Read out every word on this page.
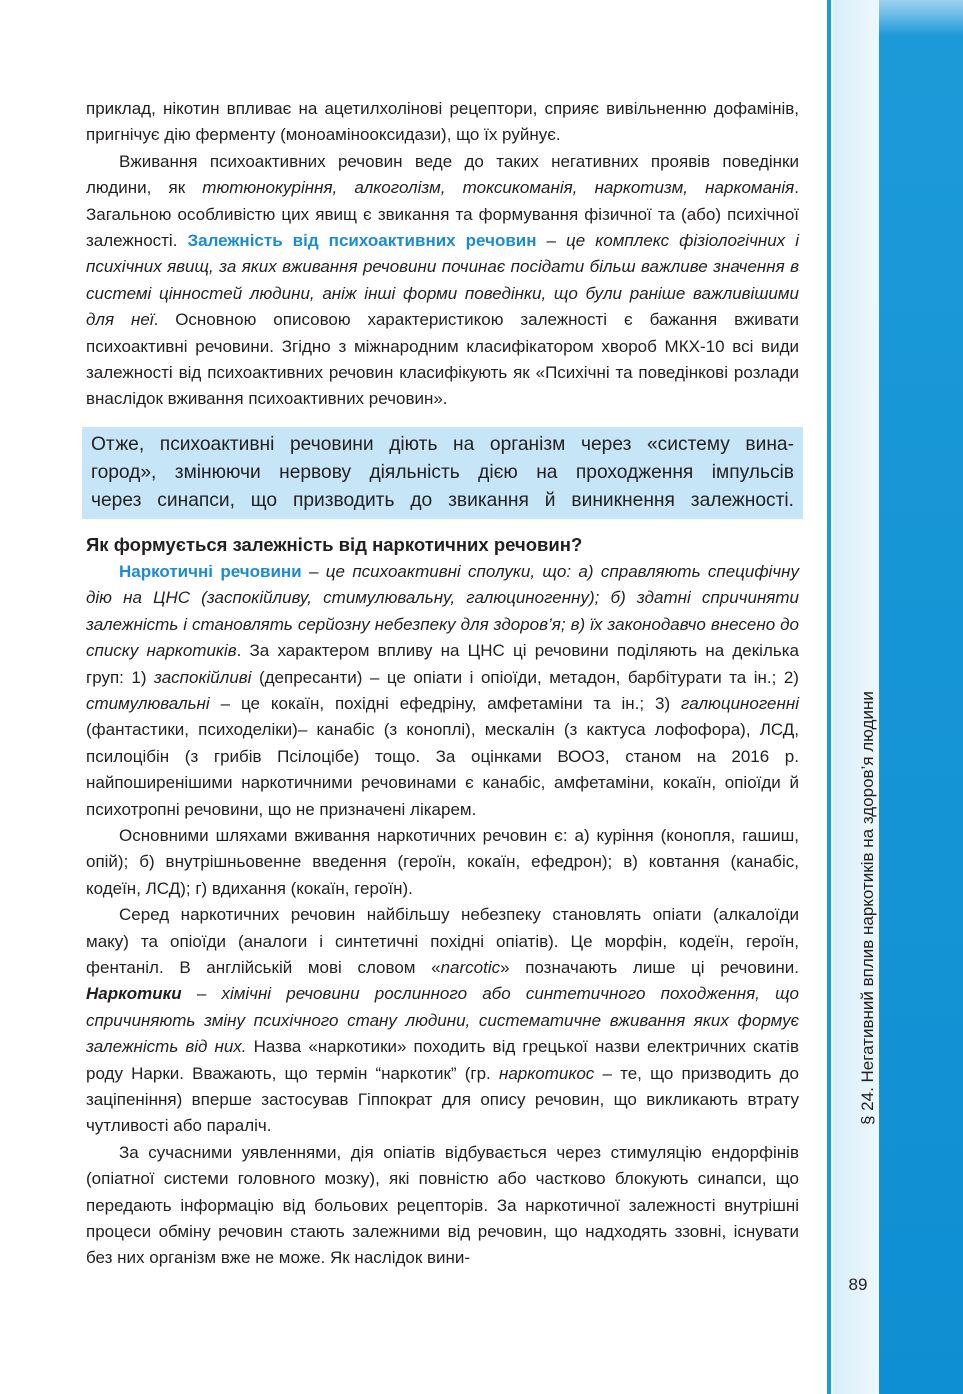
§ 24. Негативний вплив наркотиків на здоров’я людини
89

приклад, нікотин впливає на ацетилхолінові рецептори, сприяє вивільненню дофамінів, пригнічує дію ферменту (моноамінооксидази), що їх руйнує.

Вживання психоактивних речовин веде до таких негативних проявів поведінки людини, як тютюнокуріння, алкоголізм, токсикоманія, наркотизм, наркоманія. Загальною особливістю цих явищ є звикання та формування фізичної та (або) психічної залежності. Залежність від психоактивних речовин – це комплекс фізіологічних і психічних явищ, за яких вживання речовини починає посідати більш важливе значення в системі цінностей людини, аніж інші форми поведінки, що були раніше важливішими для неї. Основною описовою характеристикою залежності є бажання вживати психоактивні речовини. Згідно з міжнародним класифікатором хвороб МКХ-10 всі види залежності від психоактивних речовин класифікують як «Психічні та поведінкові розлади внаслідок вживання психоактивних речовин».

Отже, психоактивні речовини діють на організм через «систему вина-
город», змінюючи нервову діяльність дією на проходження імпульсів
через синапси, що призводить до звикання й виникнення залежності.
Як формується залежність від наркотичних речовин?

Наркотичні речовини – це психоактивні сполуки, що: а) справляють специфічну дію на ЦНС (заспокійливу, стимулювальну, галюциногенну); б) здатні спричиняти залежність і становлять серйозну небезпеку для здоров’я; в) їх законодавчо внесено до списку наркотиків. За характером впливу на ЦНС ці речовини поділяють на декілька груп: 1) заспокійливі (депресанти) – це опіати і опіоїди, метадон, барбітурати та ін.; 2) стимулювальні – це кокаїн, похідні ефедріну, амфетаміни та ін.; 3) галюциногенні (фантастики, психоделіки)– канабіс (з коноплі), мескалін (з кактуса лофофора), ЛСД, псилоцібін (з грибів Псілоцібе) тощо. За оцінками ВООЗ, станом на 2016 р. найпоширенішими наркотичними речовинами є канабіс, амфетаміни, кокаїн, опіоїди й психотропні речовини, що не призначені лікарем.

Основними шляхами вживання наркотичних речовин є: а) куріння (конопля, гашиш, опій); б) внутрішньовенне введення (героїн, кокаїн, ефедрон); в) ковтання (канабіс, кодеїн, ЛСД); г) вдихання (кокаїн, героїн).

Серед наркотичних речовин найбільшу небезпеку становлять опіати (алкалоїди маку) та опіоїди (аналоги і синтетичні похідні опіатів). Це морфін, кодеїн, героїн, фентаніл. В англійській мові словом «narcotic» позначають лише ці речовини. Наркотики – хімічні речовини рослинного або синтетичного походження, що спричиняють зміну психічного стану людини, систематичне вживання яких формує залежність від них. Назва «наркотики» походить від грецької назви електричних скатів роду Нарки. Вважають, що термін “наркотик” (гр. наркотикос – те, що призводить до заціпеніння) вперше застосував Гіппократ для опису речовин, що викликають втрату чутливості або параліч.

За сучасними уявленнями, дія опіатів відбувається через стимуляцію ендорфінів (опіатної системи головного мозку), які повністю або частково блокують синапси, що передають інформацію від больових рецепторів. За наркотичної залежності внутрішні процеси обміну речовин стають залежними від речовин, що надходять ззовні, існувати без них організм вже не може. Як наслідок вини-
